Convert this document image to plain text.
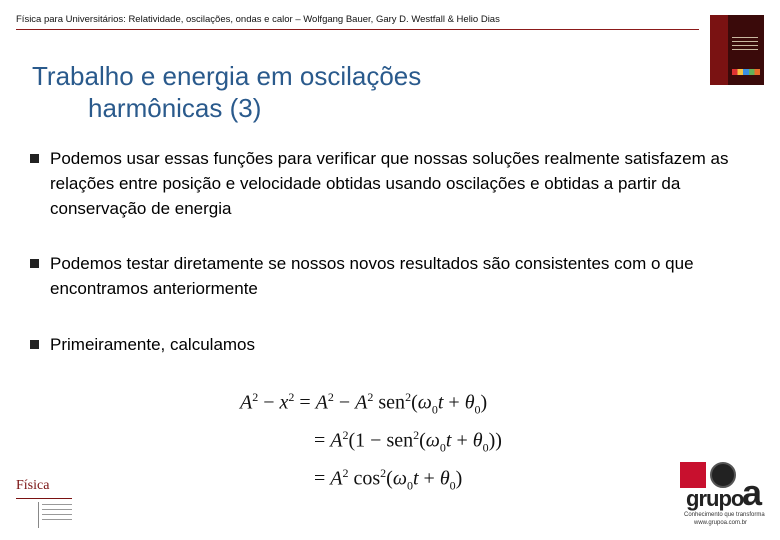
Física para Universitários: Relatividade, oscilações, ondas e calor – Wolfgang Bauer, Gary D. Westfall & Helio Dias
Trabalho e energia em oscilações
harmônicas (3)
Podemos usar essas funções para verificar que nossas soluções realmente satisfazem as relações entre posição e velocidade obtidas usando oscilações e obtidas a partir da conservação de energia
Podemos testar diretamente se nossos novos resultados são consistentes com o que encontramos anteriormente
Primeiramente, calculamos
$A^2 - x^2 = A^2 - A^2$ $sen^2(\omega_0t + \theta_0)$
= $A^2(1 - sen^2(\omega_0t + \theta_0))$
= $A^2$ $\cos^2(\omega_0t + \theta_0)$
Física
grupo
a
Conhecimento que transforma
www.grupoa.com.br
